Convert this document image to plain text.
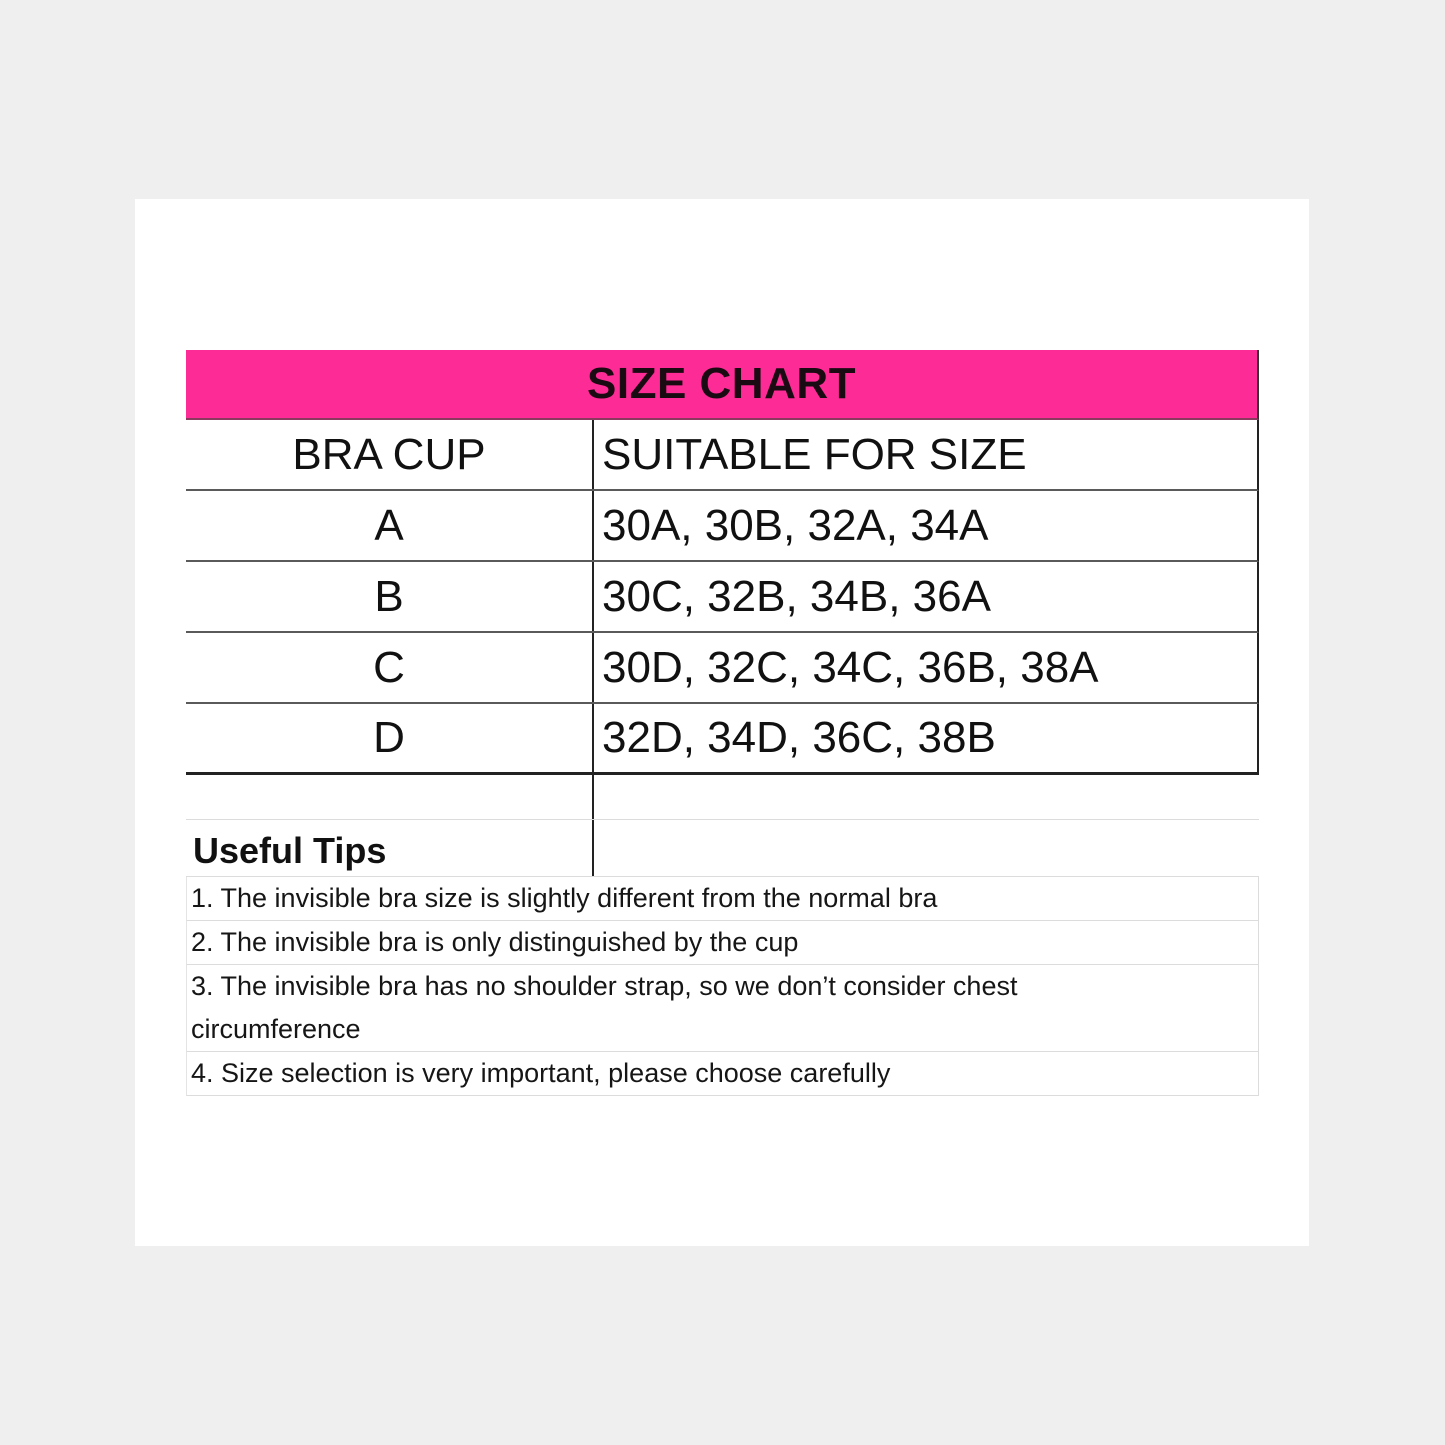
SIZE CHART
BRA CUP	SUITABLE FOR SIZE
A	30A, 30B, 32A, 34A
B	30C, 32B, 34B, 36A
C	30D, 32C, 34C, 36B, 38A
D	32D, 34D, 36C, 38B
Useful Tips
1. The invisible bra size is slightly different from the normal bra
2. The invisible bra is only distinguished by the cup
3. The invisible bra has no shoulder strap, so we don’t consider chest circumference
4. Size selection is very important, please choose carefully
